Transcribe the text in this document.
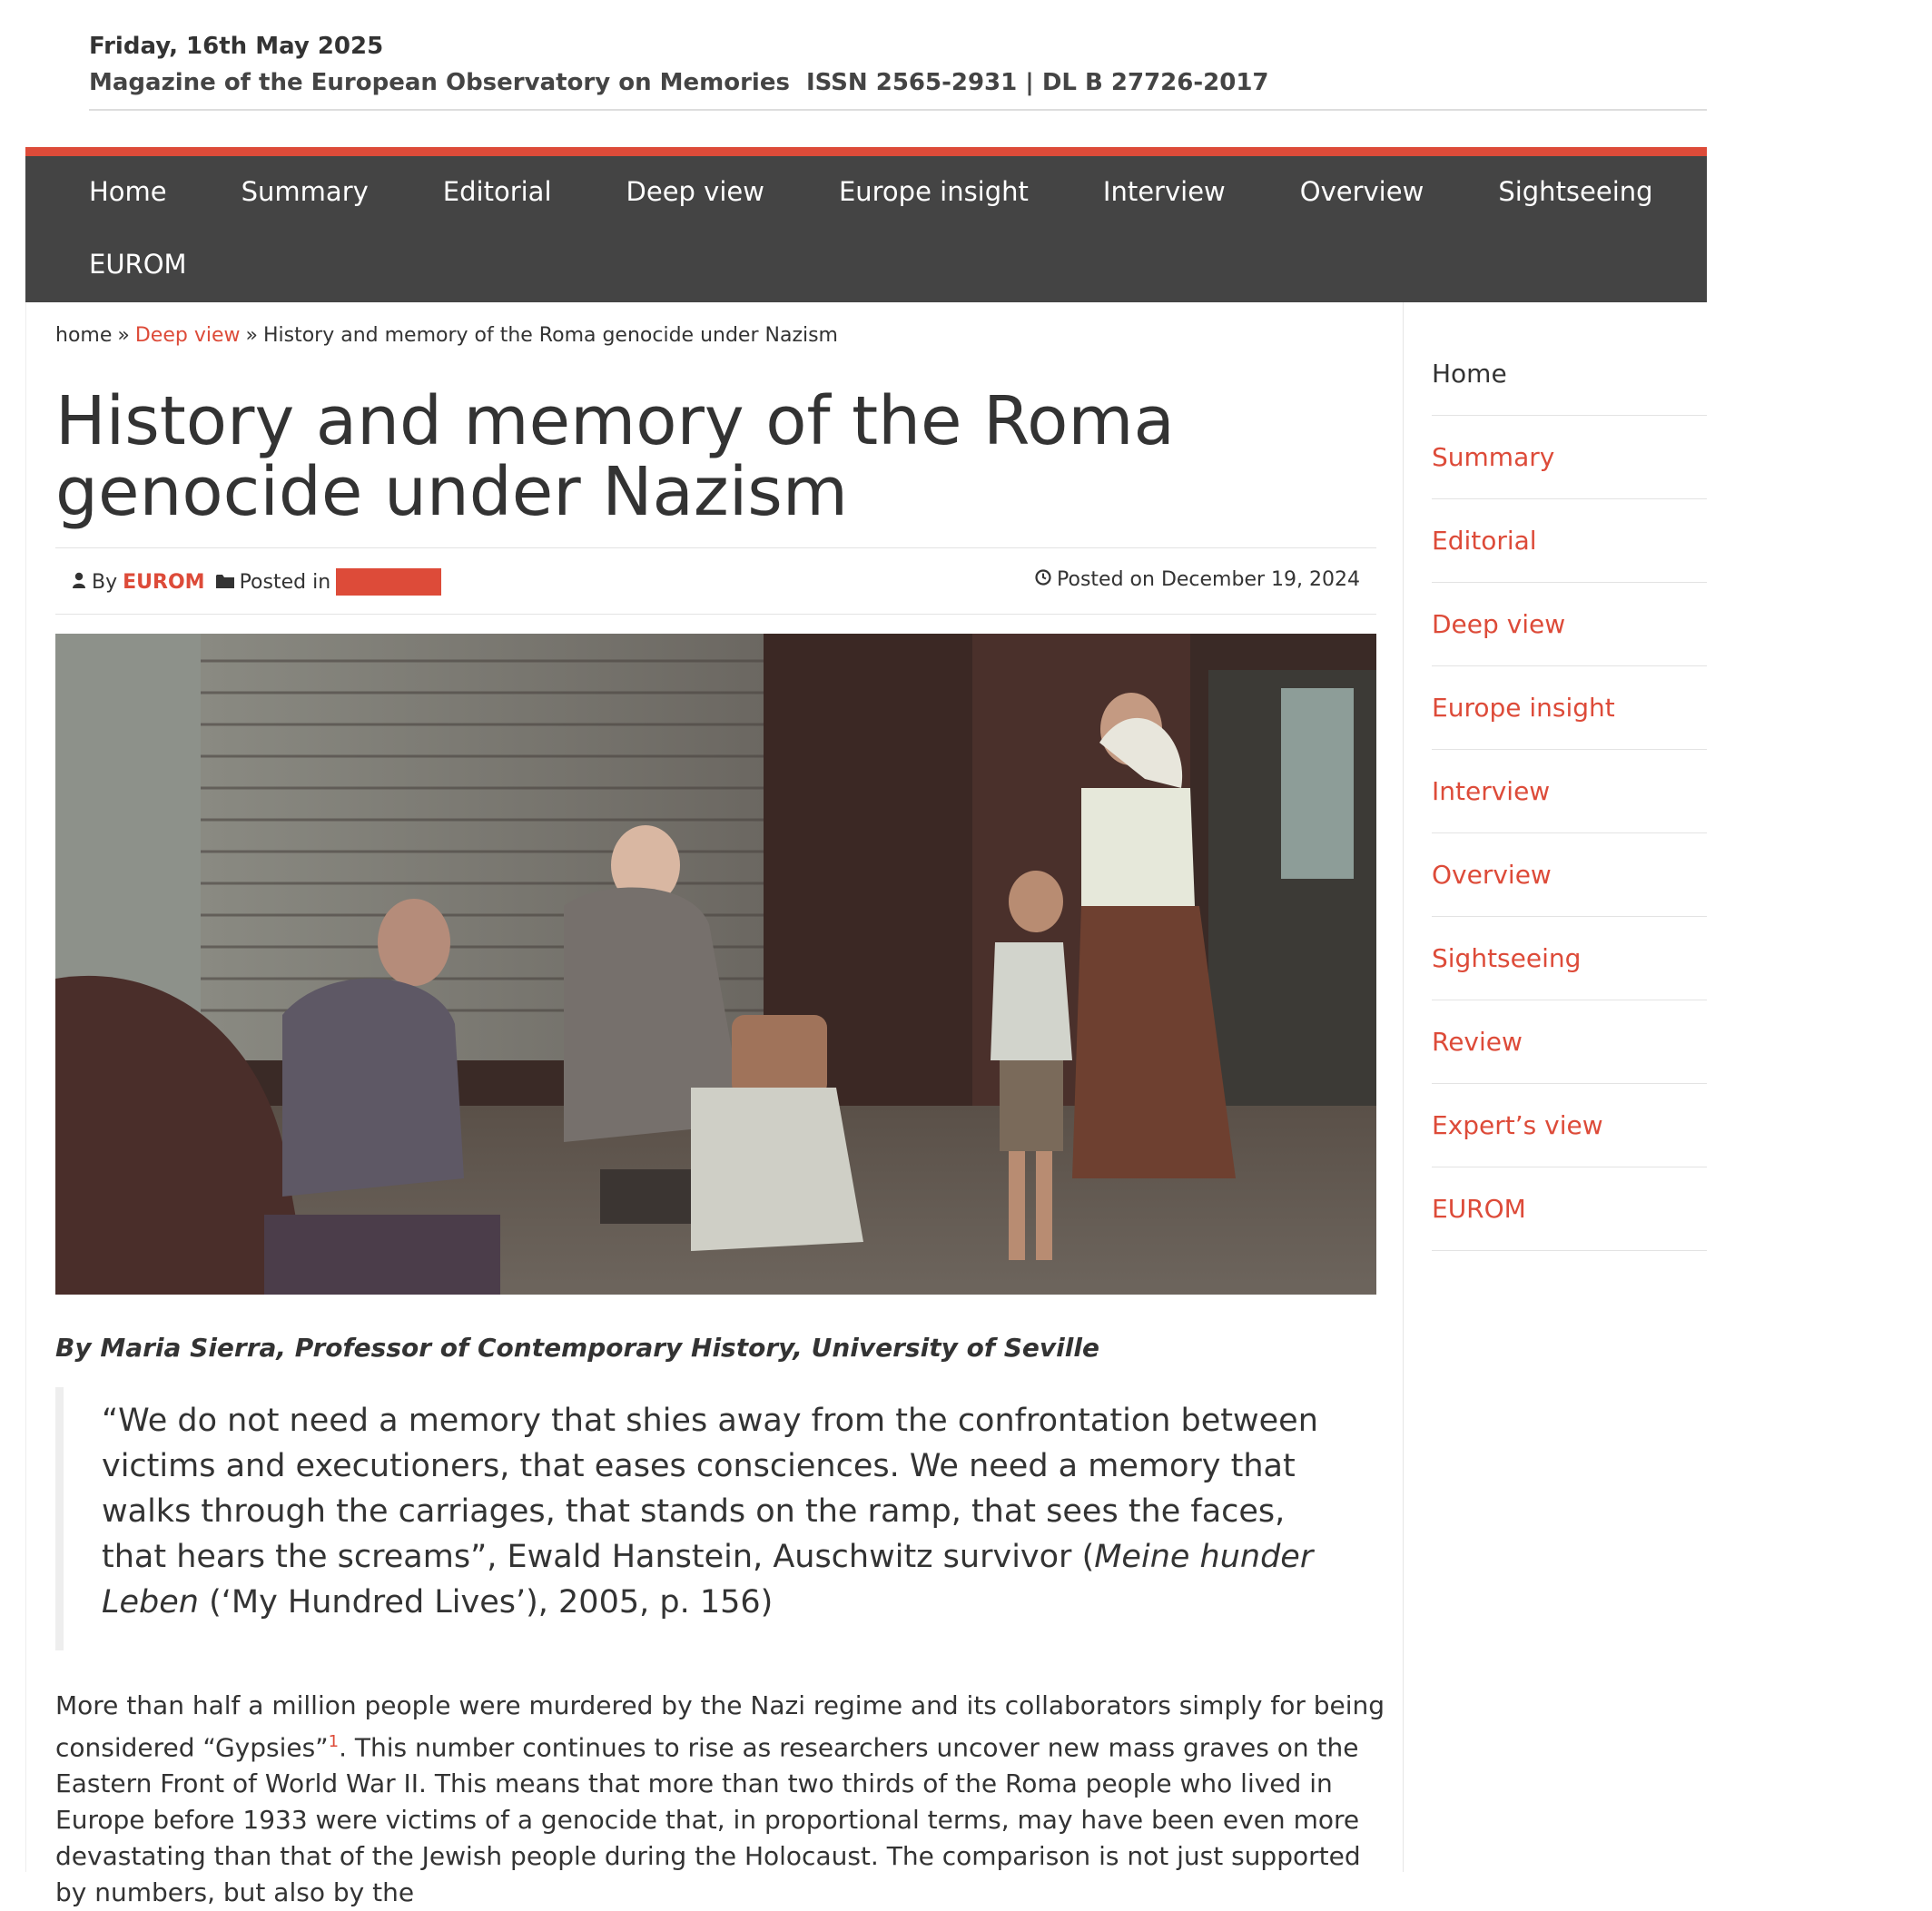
Friday, 16th May 2025
Magazine of the European Observatory on Memories ISSN 2565-2931 | DL B 27726-2017
Home	Summary	Editorial	Deep view	Europe insight	Interview	Overview	Sightseeing	Review
EUROM
home » Deep view » History and memory of the Roma genocide under Nazism
History and memory of the Roma genocide under Nazism
By EUROM Posted in	Posted on December 19, 2024
By Maria Sierra, Professor of Contemporary History, University of Seville
“We do not need a memory that shies away from the confrontation between victims and executioners, that eases consciences. We need a memory that walks through the carriages, that stands on the ramp, that sees the faces, that hears the screams”, Ewald Hanstein, Auschwitz survivor (Meine hunder Leben (‘My Hundred Lives’), 2005, p. 156)

More than half a million people were murdered by the Nazi regime and its collaborators simply for being considered “Gypsies”$^1$. This number continues to rise as researchers uncover new mass graves on the Eastern Front of World War II. This means that more than two thirds of the Roma people who lived in Europe before 1933 were victims of a genocide that, in proportional terms, may have been even more devastating than that of the Jewish people during the Holocaust. The comparison is not just supported by numbers, but also by the

Home
Summary
Editorial
Deep view
Europe insight
Interview
Overview
Sightseeing
Review
Expert’s view
EUROM
